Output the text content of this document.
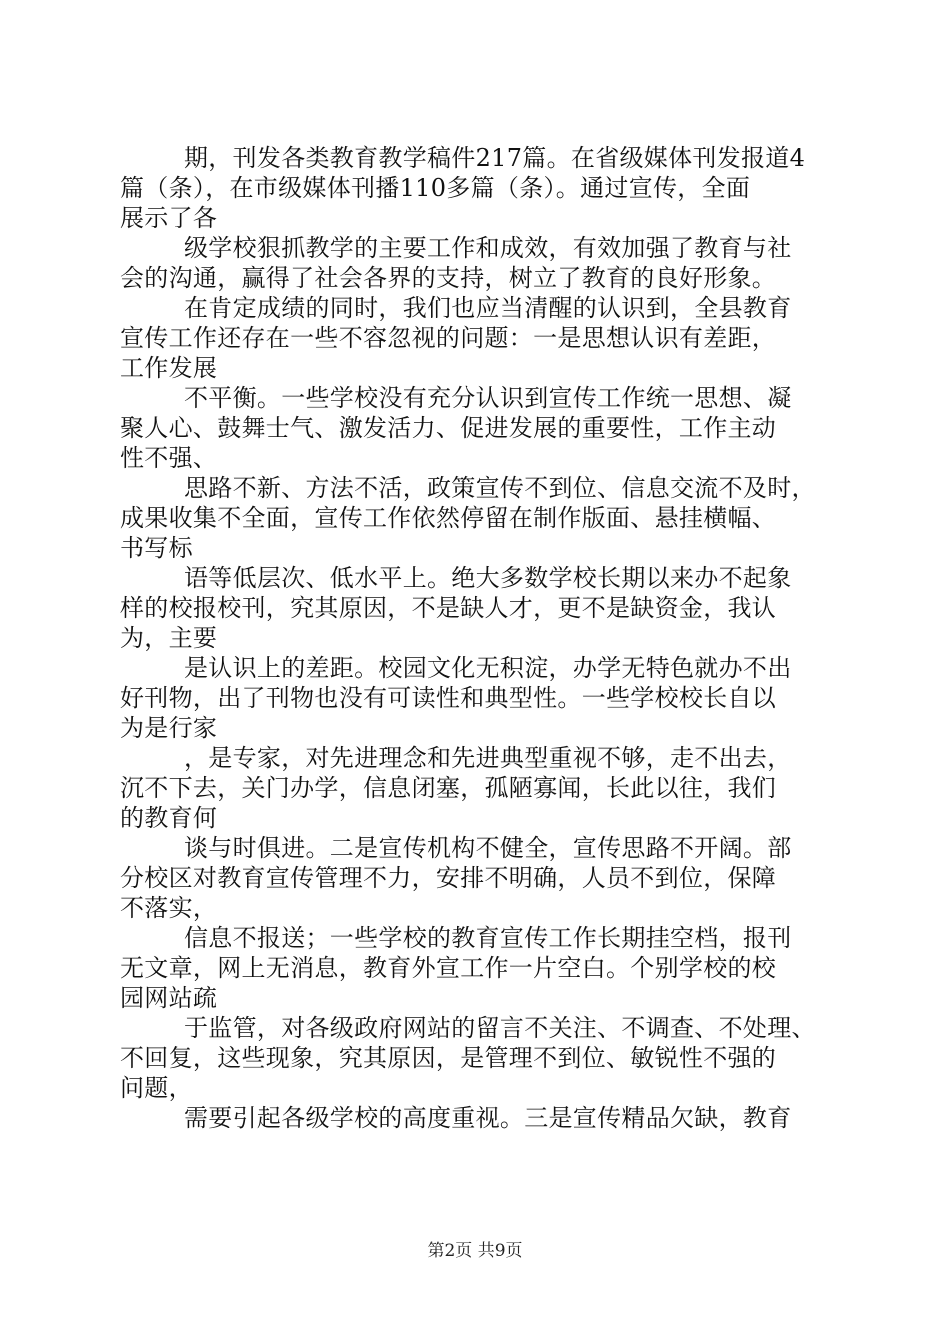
期，刊发各类教育教学稿件217篇。在省级媒体刊发报道4
篇（条），在市级媒体刊播110多篇（条）。通过宣传，全面
展示了各
级学校狠抓教学的主要工作和成效，有效加强了教育与社
会的沟通，赢得了社会各界的支持，树立了教育的良好形象。
在肯定成绩的同时，我们也应当清醒的认识到，全县教育
宣传工作还存在一些不容忽视的问题：一是思想认识有差距，
工作发展
不平衡。一些学校没有充分认识到宣传工作统一思想、凝
聚人心、鼓舞士气、激发活力、促进发展的重要性，工作主动
性不强、
思路不新、方法不活，政策宣传不到位、信息交流不及时，
成果收集不全面，宣传工作依然停留在制作版面、悬挂横幅、
书写标
语等低层次、低水平上。绝大多数学校长期以来办不起象
样的校报校刊，究其原因，不是缺人才，更不是缺资金，我认
为，主要
是认识上的差距。校园文化无积淀，办学无特色就办不出
好刊物，出了刊物也没有可读性和典型性。一些学校校长自以
为是行家
，是专家，对先进理念和先进典型重视不够，走不出去，
沉不下去，关门办学，信息闭塞，孤陋寡闻，长此以往，我们
的教育何
谈与时俱进。二是宣传机构不健全，宣传思路不开阔。部
分校区对教育宣传管理不力，安排不明确，人员不到位，保障
不落实，
信息不报送；一些学校的教育宣传工作长期挂空档，报刊
无文章，网上无消息，教育外宣工作一片空白。个别学校的校
园网站疏
于监管，对各级政府网站的留言不关注、不调查、不处理、
不回复，这些现象，究其原因，是管理不到位、敏锐性不强的
问题，
需要引起各级学校的高度重视。三是宣传精品欠缺，教育
第2页 共9页
